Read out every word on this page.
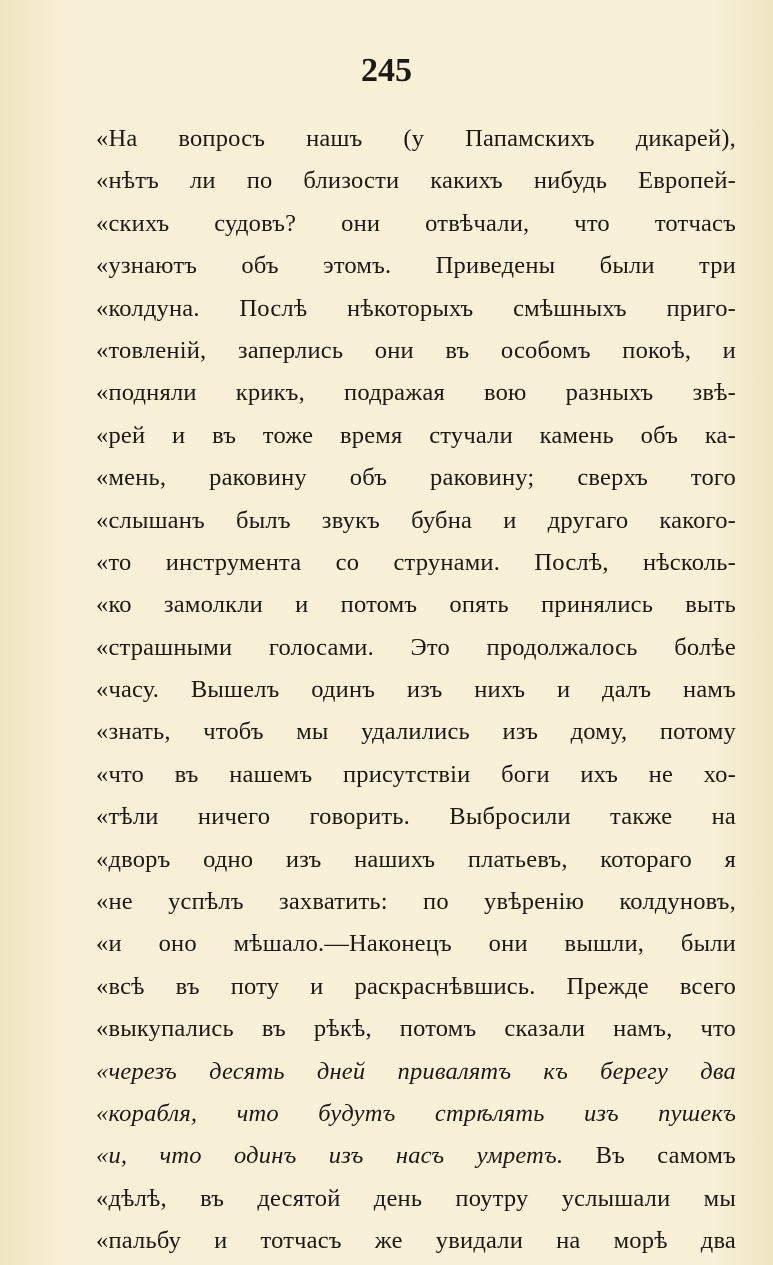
245
«На вопросъ нашъ (у Папамскихъ дикарей),
«нѣтъ ли по близости какихъ нибудь Европей-
«скихъ судовъ? они отвѣчали, что тотчасъ
«узнаютъ объ этомъ. Приведены были три
«колдуна. Послѣ нѣкоторыхъ смѣшныхъ приго-
«товленій, заперлись они въ особомъ покоѣ, и
«подняли крикъ, подражая вою разныхъ звѣ-
«рей и въ тоже время стучали камень объ ка-
«мень, раковину объ раковину; сверхъ того
«слышанъ былъ звукъ бубна и другаго какого-
«то инструмента со струнами. Послѣ, нѣсколь-
«ко замолкли и потомъ опять принялись выть
«страшными голосами. Это продолжалось болѣе
«часу. Вышелъ одинъ изъ нихъ и далъ намъ
«знать, чтобъ мы удалились изъ дому, потому
«что въ нашемъ присутствіи боги ихъ не хо-
«тѣли ничего говорить. Выбросили также на
«дворъ одно изъ нашихъ платьевъ, котораго я
«не успѣлъ захватить: по увѣренію колдуновъ,
«и оно мѣшало.—Наконецъ они вышли, были
«всѣ въ поту и раскраснѣвшись. Прежде всего
«выкупались въ рѣкѣ, потомъ сказали намъ, что
«черезъ десять дней привалятъ къ берегу два
«корабля, что будутъ стрѣлять изъ пушекъ
«и, что одинъ изъ насъ умретъ. Въ самомъ
«дѣлѣ, въ десятой день поутру услышали мы
«пальбу и тотчасъ же увидали на морѣ два
